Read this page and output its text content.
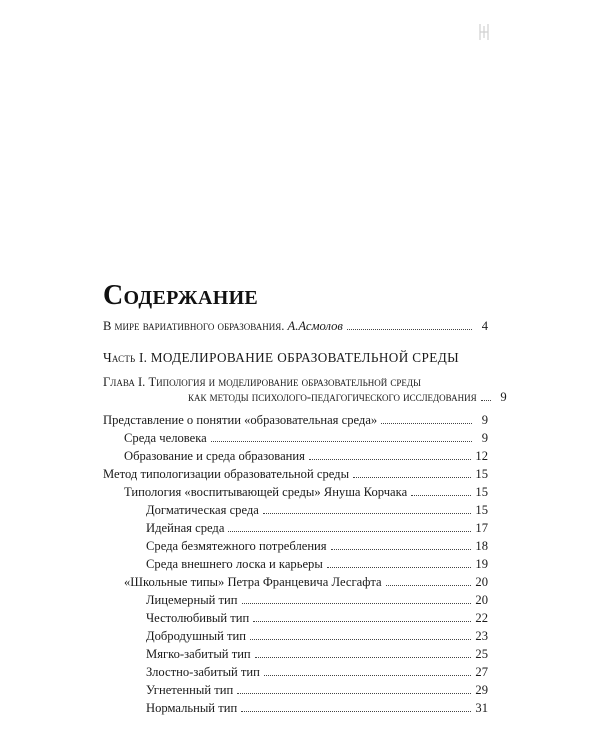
Содержание
В мире вариативного образования. А.Асмолов	4
Часть I. МОДЕЛИРОВАНИЕ ОБРАЗОВАТЕЛЬНОЙ СРЕДЫ
Глава I. Типология и моделирование образовательной среды
как методы психолого-педагогического исследования	9
Представление о понятии «образовательная среда»	9
Среда человека	9
Образование и среда образования	12
Метод типологизации образовательной среды	15
Типология «воспитывающей среды» Януша Корчака	15
Догматическая среда	15
Идейная среда	17
Среда безмятежного потребления	18
Среда внешнего лоска и карьеры	19
«Школьные типы» Петра Францевича Лесгафта	20
Лицемерный тип	20
Честолюбивый тип	22
Добродушный тип	23
Мягко-забитый тип	25
Злостно-забитый тип	27
Угнетенный тип	29
Нормальный тип	31
